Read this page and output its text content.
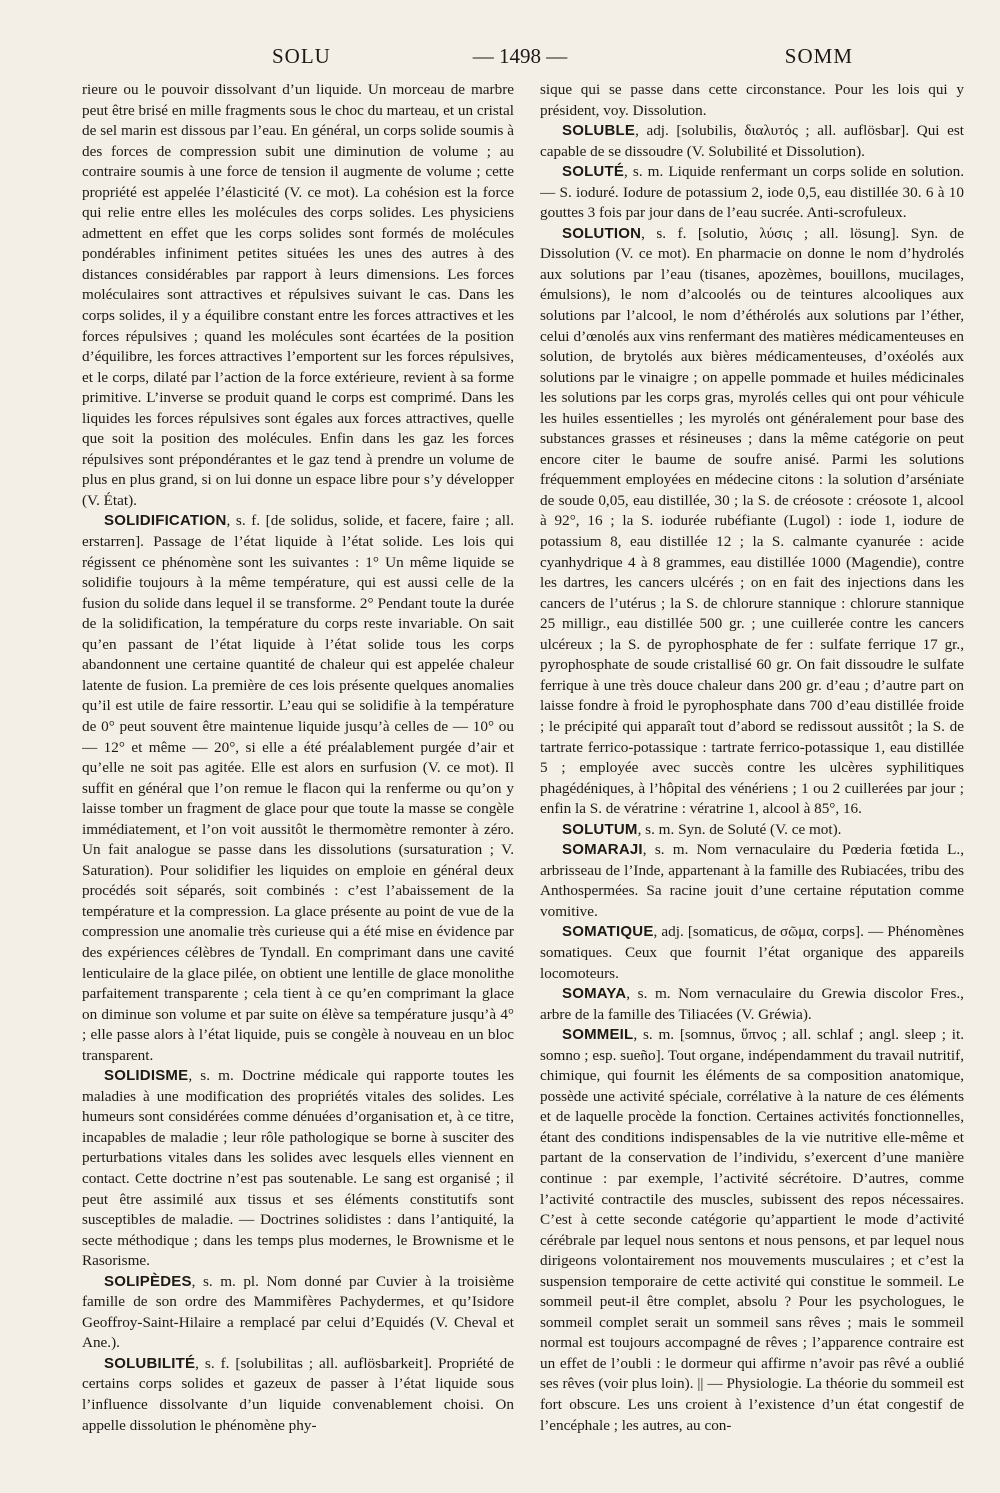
SOLU	— 1498 —	SOMM

rieure ou le pouvoir dissolvant d’un liquide. Un morceau de marbre peut être brisé en mille fragments sous le choc du marteau, et un cristal de sel marin est dissous par l’eau. En général, un corps solide soumis à des forces de compression subit une diminution de volume ; au contraire soumis à une force de tension il augmente de volume ; cette propriété est appelée l’élasticité (V. ce mot). La cohésion est la force qui relie entre elles les molécules des corps solides. Les physiciens admettent en effet que les corps solides sont formés de molécules pondérables infiniment petites situées les unes des autres à des distances considérables par rapport à leurs dimensions. Les forces moléculaires sont attractives et répulsives suivant le cas. Dans les corps solides, il y a équilibre constant entre les forces attractives et les forces répulsives ; quand les molécules sont écartées de la position d’équilibre, les forces attractives l’emportent sur les forces répulsives, et le corps, dilaté par l’action de la force extérieure, revient à sa forme primitive. L’inverse se produit quand le corps est comprimé. Dans les liquides les forces répulsives sont égales aux forces attractives, quelle que soit la position des molécules. Enfin dans les gaz les forces répulsives sont prépondérantes et le gaz tend à prendre un volume de plus en plus grand, si on lui donne un espace libre pour s’y développer (V. État).

SOLIDIFICATION, s. f. [de solidus, solide, et facere, faire ; all. erstarren]. Passage de l’état liquide à l’état solide. Les lois qui régissent ce phénomène sont les suivantes : 1° Un même liquide se solidifie toujours à la même température, qui est aussi celle de la fusion du solide dans lequel il se transforme. 2° Pendant toute la durée de la solidification, la température du corps reste invariable. On sait qu’en passant de l’état liquide à l’état solide tous les corps abandonnent une certaine quantité de chaleur qui est appelée chaleur latente de fusion. La première de ces lois présente quelques anomalies qu’il est utile de faire ressortir. L’eau qui se solidifie à la température de 0° peut souvent être maintenue liquide jusqu’à celles de — 10° ou — 12° et même — 20°, si elle a été préalablement purgée d’air et qu’elle ne soit pas agitée. Elle est alors en surfusion (V. ce mot). Il suffit en général que l’on remue le flacon qui la renferme ou qu’on y laisse tomber un fragment de glace pour que toute la masse se congèle immédiatement, et l’on voit aussitôt le thermomètre remonter à zéro. Un fait analogue se passe dans les dissolutions (sursaturation ; V. Saturation). Pour solidifier les liquides on emploie en général deux procédés soit séparés, soit combinés : c’est l’abaissement de la température et la compression. La glace présente au point de vue de la compression une anomalie très curieuse qui a été mise en évidence par des expériences célèbres de Tyndall. En comprimant dans une cavité lenticulaire de la glace pilée, on obtient une lentille de glace monolithe parfaitement transparente ; cela tient à ce qu’en comprimant la glace on diminue son volume et par suite on élève sa température jusqu’à 4° ; elle passe alors à l’état liquide, puis se congèle à nouveau en un bloc transparent.

SOLIDISME, s. m. Doctrine médicale qui rapporte toutes les maladies à une modification des propriétés vitales des solides. Les humeurs sont considérées comme dénuées d’organisation et, à ce titre, incapables de maladie ; leur rôle pathologique se borne à susciter des perturbations vitales dans les solides avec lesquels elles viennent en contact. Cette doctrine n’est pas soutenable. Le sang est organisé ; il peut être assimilé aux tissus et ses éléments constitutifs sont susceptibles de maladie. — Doctrines solidistes : dans l’antiquité, la secte méthodique ; dans les temps plus modernes, le Brownisme et le Rasorisme.

SOLIPÈDES, s. m. pl. Nom donné par Cuvier à la troisième famille de son ordre des Mammifères Pachydermes, et qu’Isidore Geoffroy-Saint-Hilaire a remplacé par celui d’Equidés (V. Cheval et Ane.).

SOLUBILITÉ, s. f. [solubilitas ; all. auflösbarkeit]. Propriété de certains corps solides et gazeux de passer à l’état liquide sous l’influence dissolvante d’un liquide convenablement choisi. On appelle dissolution le phénomène phy-

sique qui se passe dans cette circonstance. Pour les lois qui y président, voy. Dissolution.

SOLUBLE, adj. [solubilis, διαλυτός ; all. auflösbar]. Qui est capable de se dissoudre (V. Solubilité et Dissolution).

SOLUTÉ, s. m. Liquide renfermant un corps solide en solution. — S. ioduré. Iodure de potassium 2, iode 0,5, eau distillée 30. 6 à 10 gouttes 3 fois par jour dans de l’eau sucrée. Anti-scrofuleux.

SOLUTION, s. f. [solutio, λύσις ; all. lösung]. Syn. de Dissolution (V. ce mot). En pharmacie on donne le nom d’hydrolés aux solutions par l’eau (tisanes, apozèmes, bouillons, mucilages, émulsions), le nom d’alcoolés ou de teintures alcooliques aux solutions par l’alcool, le nom d’éthérolés aux solutions par l’éther, celui d’œnolés aux vins renfermant des matières médicamenteuses en solution, de brytolés aux bières médicamenteuses, d’oxéolés aux solutions par le vinaigre ; on appelle pommade et huiles médicinales les solutions par les corps gras, myrolés celles qui ont pour véhicule les huiles essentielles ; les myrolés ont généralement pour base des substances grasses et résineuses ; dans la même catégorie on peut encore citer le baume de soufre anisé. Parmi les solutions fréquemment employées en médecine citons : la solution d’arséniate de soude 0,05, eau distillée, 30 ; la S. de créosote : créosote 1, alcool à 92°, 16 ; la S. iodurée rubéfiante (Lugol) : iode 1, iodure de potassium 8, eau distillée 12 ; la S. calmante cyanurée : acide cyanhydrique 4 à 8 grammes, eau distillée 1000 (Magendie), contre les dartres, les cancers ulcérés ; on en fait des injections dans les cancers de l’utérus ; la S. de chlorure stannique : chlorure stannique 25 milligr., eau distillée 500 gr. ; une cuillerée contre les cancers ulcéreux ; la S. de pyrophosphate de fer : sulfate ferrique 17 gr., pyrophosphate de soude cristallisé 60 gr. On fait dissoudre le sulfate ferrique à une très douce chaleur dans 200 gr. d’eau ; d’autre part on laisse fondre à froid le pyrophosphate dans 700 d’eau distillée froide ; le précipité qui apparaît tout d’abord se redissout aussitôt ; la S. de tartrate ferrico-potassique : tartrate ferrico-potassique 1, eau distillée 5 ; employée avec succès contre les ulcères syphilitiques phagédéniques, à l’hôpital des vénériens ; 1 ou 2 cuillerées par jour ; enfin la S. de vératrine : vératrine 1, alcool à 85°, 16.

SOLUTUM, s. m. Syn. de Soluté (V. ce mot).

SOMARAJI, s. m. Nom vernaculaire du Pœderia fœtida L., arbrisseau de l’Inde, appartenant à la famille des Rubiacées, tribu des Anthospermées. Sa racine jouit d’une certaine réputation comme vomitive.

SOMATIQUE, adj. [somaticus, de σῶμα, corps]. — Phénomènes somatiques. Ceux que fournit l’état organique des appareils locomoteurs.

SOMAYA, s. m. Nom vernaculaire du Grewia discolor Fres., arbre de la famille des Tiliacées (V. Gréwia).

SOMMEIL, s. m. [somnus, ὕπνος ; all. schlaf ; angl. sleep ; it. somno ; esp. sueño]. Tout organe, indépendamment du travail nutritif, chimique, qui fournit les éléments de sa composition anatomique, possède une activité spéciale, corrélative à la nature de ces éléments et de laquelle procède la fonction. Certaines activités fonctionnelles, étant des conditions indispensables de la vie nutritive elle-même et partant de la conservation de l’individu, s’exercent d’une manière continue : par exemple, l’activité sécrétoire. D’autres, comme l’activité contractile des muscles, subissent des repos nécessaires. C’est à cette seconde catégorie qu’appartient le mode d’activité cérébrale par lequel nous sentons et nous pensons, et par lequel nous dirigeons volontairement nos mouvements musculaires ; et c’est la suspension temporaire de cette activité qui constitue le sommeil. Le sommeil peut-il être complet, absolu ? Pour les psychologues, le sommeil complet serait un sommeil sans rêves ; mais le sommeil normal est toujours accompagné de rêves ; l’apparence contraire est un effet de l’oubli : le dormeur qui affirme n’avoir pas rêvé a oublié ses rêves (voir plus loin). || — Physiologie. La théorie du sommeil est fort obscure. Les uns croient à l’existence d’un état congestif de l’encéphale ; les autres, au con-
